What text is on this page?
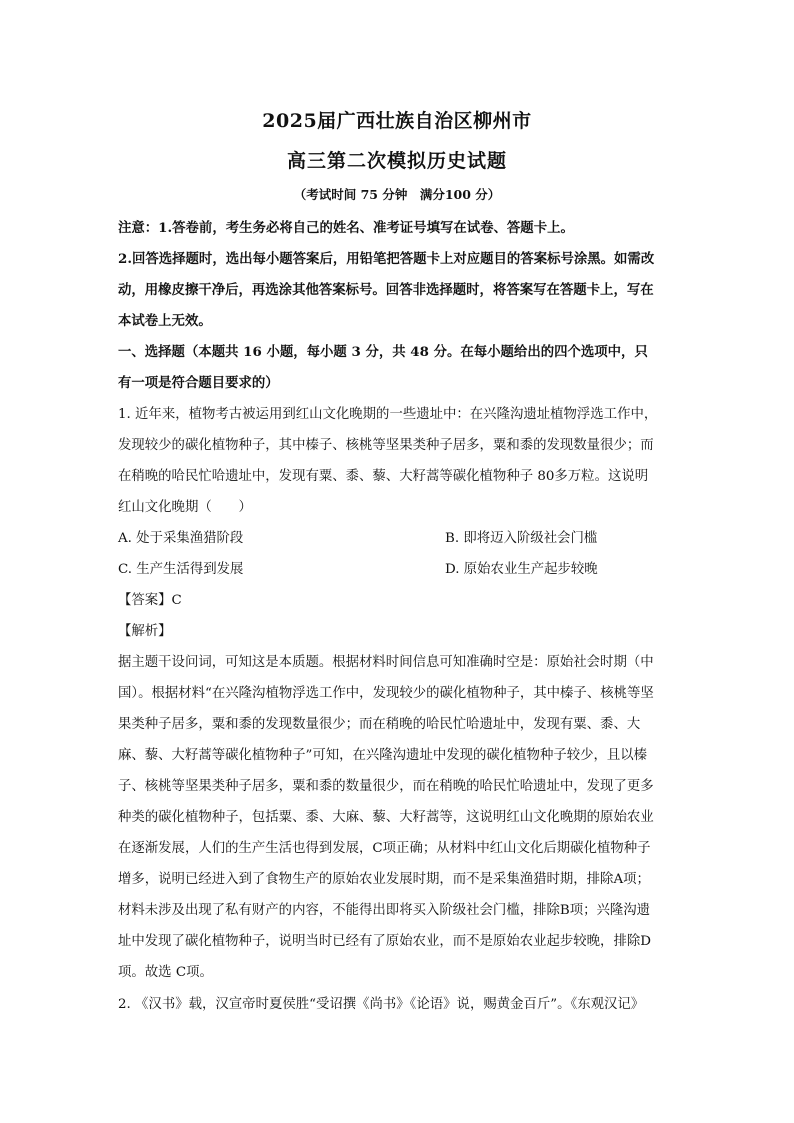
2025届广西壮族自治区柳州市
高三第二次模拟历史试题
（考试时间 75 分钟　满分100 分）
注意：1.答卷前，考生务必将自己的姓名、准考证号填写在试卷、答题卡上。
2.回答选择题时，选出每小题答案后，用铅笔把答题卡上对应题目的答案标号涂黑。如需改动，用橡皮擦干净后，再选涂其他答案标号。回答非选择题时，将答案写在答题卡上，写在本试卷上无效。
一、选择题（本题共 16 小题，每小题 3 分，共 48 分。在每小题给出的四个选项中，只有一项是符合题目要求的）
1. 近年来，植物考古被运用到红山文化晚期的一些遗址中：在兴隆沟遗址植物浮选工作中，发现较少的碳化植物种子，其中榛子、核桃等坚果类种子居多，粟和黍的发现数量很少；而在稍晚的哈民忙哈遗址中，发现有粟、黍、藜、大籽蒿等碳化植物种子 80多万粒。这说明红山文化晚期（　　）
A. 处于采集渔猎阶段	B. 即将迈入阶级社会门槛
C. 生产生活得到发展	D. 原始农业生产起步较晚
【答案】C
【解析】
据主题干设问词，可知这是本质题。根据材料时间信息可知准确时空是：原始社会时期（中国）。根据材料“在兴隆沟植物浮选工作中，发现较少的碳化植物种子，其中榛子、核桃等坚果类种子居多，粟和黍的发现数量很少；而在稍晚的哈民忙哈遗址中，发现有粟、黍、大麻、藜、大籽蒿等碳化植物种子”可知，在兴隆沟遗址中发现的碳化植物种子较少，且以榛子、核桃等坚果类种子居多，粟和黍的数量很少，而在稍晚的哈民忙哈遗址中，发现了更多种类的碳化植物种子，包括粟、黍、大麻、藜、大籽蒿等，这说明红山文化晚期的原始农业在逐渐发展，人们的生产生活也得到发展，C项正确；从材料中红山文化后期碳化植物种子增多，说明已经进入到了食物生产的原始农业发展时期，而不是采集渔猎时期，排除A项；材料未涉及出现了私有财产的内容，不能得出即将买入阶级社会门槛，排除B项；兴隆沟遗址中发现了碳化植物种子，说明当时已经有了原始农业，而不是原始农业起步较晚，排除D项。故选 C项。
2. 《汉书》载，汉宣帝时夏侯胜“受诏撰《尚书》《论语》说，赐黄金百斤”。《东观汉记》
